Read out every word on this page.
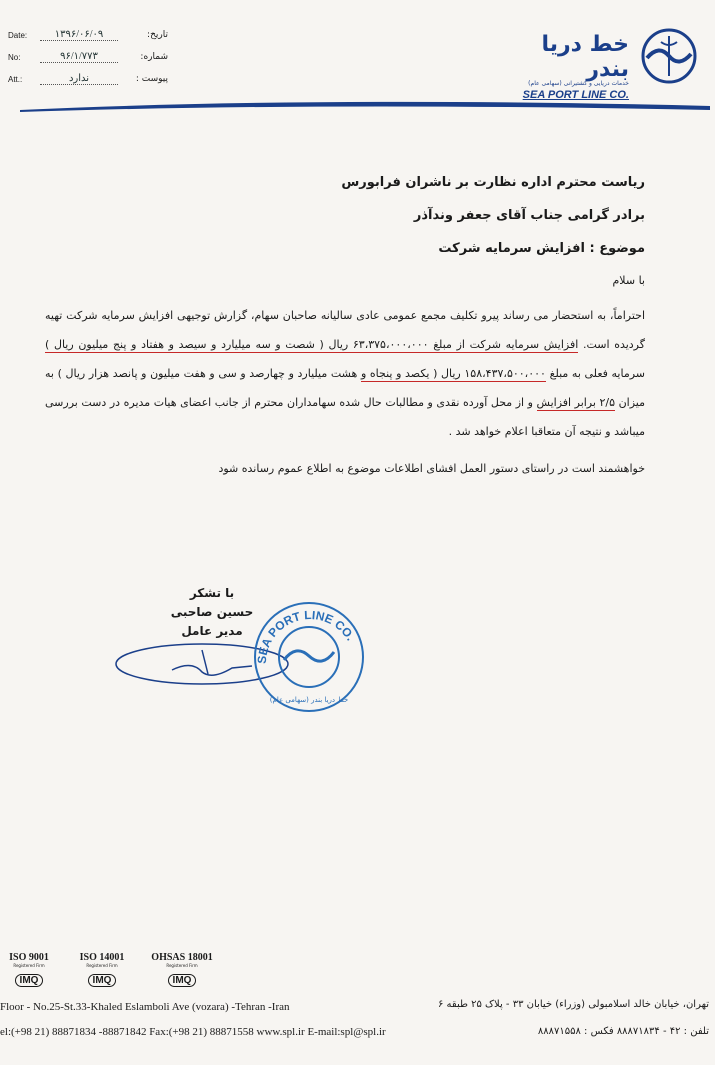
Date:	۱۳۹۶/۰۶/۰۹	تاریخ:
No:	۹۶/۱/۷۷۳	شماره:
Att.:	ندارد	پیوست :
خط دریا بندر
خدمات دریایی و کشتیرانی (سهامی عام)
SEA PORT LINE CO.
ریاست محترم اداره نظارت بر ناشران فرابورس
برادر گرامی جناب آقای جعفر وندآذر
موضوع : افزایش سرمایه شرکت
با سلام

احتراماً، به استحضار می رساند پیرو تکلیف مجمع عمومی عادی سالیانه صاحبان سهام، گزارش توجیهی افزایش سرمایه شرکت تهیه گردیده است. افزایش سرمایه شرکت از مبلغ ۶۳،۳۷۵،۰۰۰،۰۰۰ ریال ( شصت و سه میلیارد و سیصد و هفتاد و پنج میلیون ریال ) سرمایه فعلی به مبلغ ۱۵۸،۴۳۷،۵۰۰،۰۰۰ ریال ( یکصد و پنجاه و هشت میلیارد و چهارصد و سی و هفت میلیون و پانصد هزار ریال ) به میزان ۲/۵ برابر افزایش و از محل آورده نقدی و مطالبات حال شده سهامداران محترم از جانب اعضای هیات مدیره در دست بررسی میباشد و نتیجه آن متعاقبا اعلام خواهد شد .

خواهشمند است در راستای دستور العمل افشای اطلاعات موضوع به اطلاع عموم رسانده شود

با تشکر
حسین صاحبی
مدیر عامل
SEA PORT LINE CO.
خط دریا بندر (سهامی عام)
ISO 9001
Registered Firm
IMQ
ISO 14001
Registered Firm
IMQ
OHSAS 18001
Registered Firm
IMQ
Floor - No.25-St.33-Khaled Eslamboli Ave (vozara) -Tehran -Iran
el:(+98 21) 88871834 -88871842 Fax:(+98 21) 88871558 www.spl.ir E-mail:spl@spl.ir
تهران، خیابان خالد اسلامبولی (وزراء) خیابان ۳۳ - پلاک ۲۵ طبقه ۶
تلفن : ۴۲ - ۸۸۸۷۱۸۳۴ فکس : ۸۸۸۷۱۵۵۸
